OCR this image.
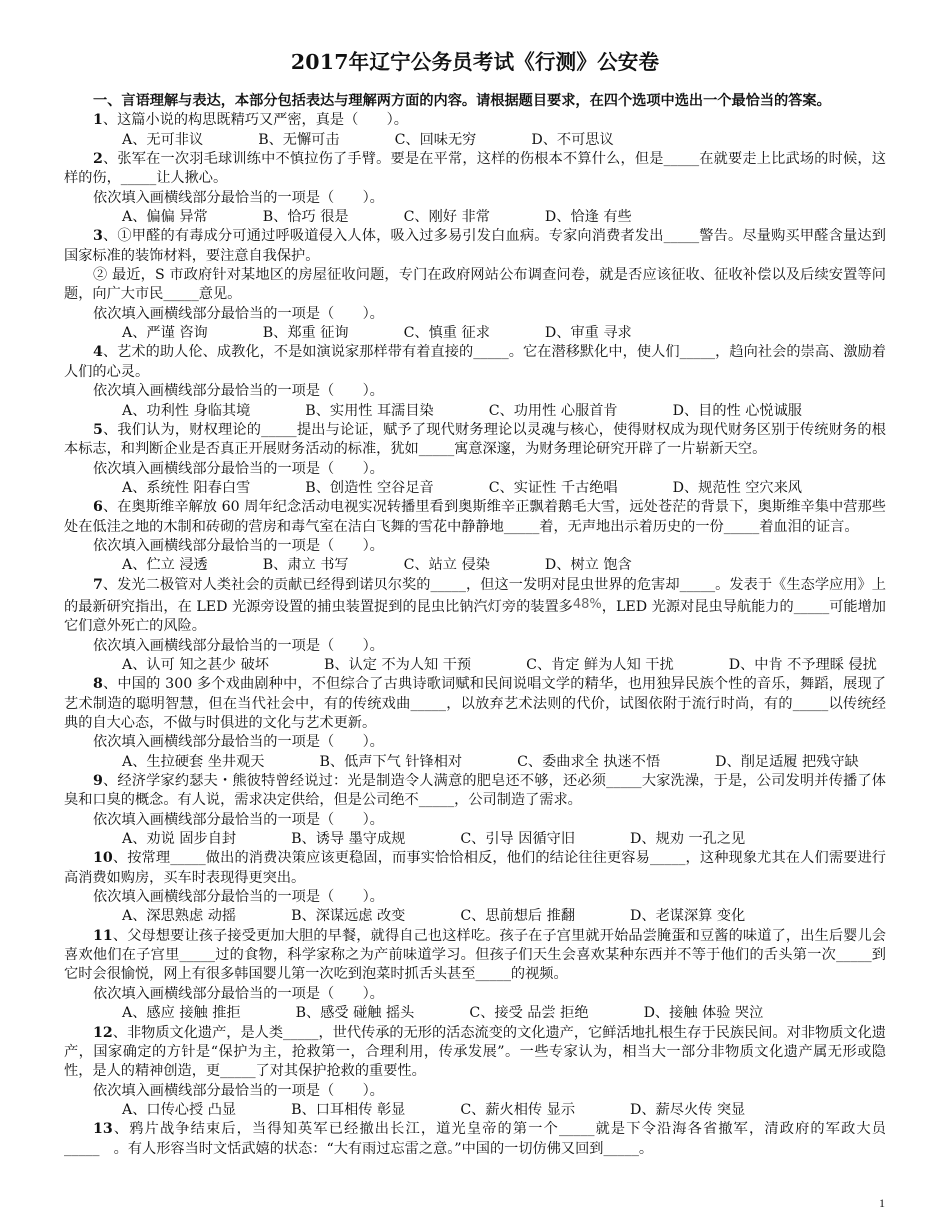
2017年辽宁公务员考试《行测》公安卷

一、言语理解与表达，本部分包括表达与理解两方面的内容。请根据题目要求，在四个选项中选出一个最恰当的答案。

1、这篇小说的构思既精巧又严密，真是（　　）。

A、无可非议	B、无懈可击	C、回味无穷	D、不可思议

2、张军在一次羽毛球训练中不慎拉伤了手臂。要是在平常，这样的伤根本不算什么，但是_____在就要走上比武场的时候，这样的伤，_____让人揪心。

依次填入画横线部分最恰当的一项是（　　）。

A、偏偏 异常	B、恰巧 很是	C、刚好 非常	D、恰逢 有些

3、①甲醛的有毒成分可通过呼吸道侵入人体，吸入过多易引发白血病。专家向消费者发出_____警告。尽量购买甲醛含量达到国家标准的装饰材料，要注意自我保护。

② 最近，S 市政府针对某地区的房屋征收问题，专门在政府网站公布调查问卷，就是否应该征收、征收补偿以及后续安置等问题，向广大市民_____意见。

依次填入画横线部分最恰当的一项是（　　）。

A、严谨 咨询	B、郑重 征询	C、慎重 征求	D、审重 寻求

4、艺术的助人伦、成教化，不是如演说家那样带有着直接的_____。它在潜移默化中，使人们_____，趋向社会的崇高、激励着人们的心灵。

依次填入画横线部分最恰当的一项是（　　）。

A、功利性 身临其境	B、实用性 耳濡目染	C、功用性 心服首肯	D、目的性 心悦诚服

5、我们认为，财权理论的_____提出与论证，赋予了现代财务理论以灵魂与核心，使得财权成为现代财务区别于传统财务的根本标志，和判断企业是否真正开展财务活动的标准，犹如_____寓意深邃，为财务理论研究开辟了一片崭新天空。

依次填入画横线部分最恰当的一项是（　　）。

A、系统性 阳春白雪	B、创造性 空谷足音	C、实证性 千古绝唱	D、规范性 空穴来风

6、在奥斯维辛解放 60 周年纪念活动电视实况转播里看到奥斯维辛正飘着鹅毛大雪，远处苍茫的背景下，奥斯维辛集中营那些处在低洼之地的木制和砖砌的营房和毒气室在洁白飞舞的雪花中静静地_____着，无声地出示着历史的一份_____着血泪的证言。

依次填入画横线部分最恰当的一项是（　　）。

A、伫立 浸透	B、肃立 书写	C、站立 侵染	D、树立 饱含

7、发光二极管对人类社会的贡献已经得到诺贝尔奖的_____，但这一发明对昆虫世界的危害却_____。发表于《生态学应用》上的最新研究指出，在 LED 光源旁设置的捕虫装置捉到的昆虫比钠汽灯旁的装置多48%，LED 光源对昆虫导航能力的_____可能增加它们意外死亡的风险。

依次填入画横线部分最恰当的一项是（　　）。

A、认可 知之甚少 破坏	B、认定 不为人知 干预	C、肯定 鲜为人知 干扰	D、中肯 不予理睬 侵扰

8、中国的 300 多个戏曲剧种中，不但综合了古典诗歌词赋和民间说唱文学的精华，也用独异民族个性的音乐，舞蹈，展现了艺术制造的聪明智慧，但在当代社会中，有的传统戏曲_____，以放弃艺术法则的代价，试图依附于流行时尚，有的_____以传统经典的自大心态，不做与时俱进的文化与艺术更新。

依次填入画横线部分最恰当的一项是（　　）。

A、生拉硬套 坐井观天	B、低声下气 针锋相对	C、委曲求全 执迷不悟	D、削足适履 把残守缺

9、经济学家约瑟夫・熊彼特曾经说过：光是制造令人满意的肥皂还不够，还必须_____大家洗澡，于是，公司发明并传播了体臭和口臭的概念。有人说，需求决定供给，但是公司绝不_____，公司制造了需求。

依次填入画横线部分最恰当的一项是（　　）。

A、劝说 固步自封	B、诱导 墨守成规	C、引导 因循守旧	D、规劝 一孔之见

10、按常理_____做出的消费决策应该更稳固，而事实恰恰相反，他们的结论往往更容易_____，这种现象尤其在人们需要进行高消费如购房，买车时表现得更突出。

依次填入画横线部分最恰当的一项是（　　）。

A、深思熟虑 动摇	B、深谋远虑 改变	C、思前想后 推翻	D、老谋深算 变化

11、父母想要让孩子接受更加大胆的早餐，就得自己也这样吃。孩子在子宫里就开始品尝腌蛋和豆酱的味道了，出生后婴儿会喜欢他们在子宫里_____过的食物，科学家称之为产前味道学习。但孩子们天生会喜欢某种东西并不等于他们的舌头第一次_____到它时会很愉悦，网上有很多韩国婴儿第一次吃到泡菜时抓舌头甚至_____的视频。

依次填入画横线部分最恰当的一项是（　　）。

A、感应 接触 推拒	B、感受 碰触 摇头	C、接受 品尝 拒绝	D、接触 体验 哭泣

12、非物质文化遗产，是人类_____，世代传承的无形的活态流变的文化遗产，它鲜活地扎根生存于民族民间。对非物质文化遗产，国家确定的方针是“保护为主，抢救第一，合理利用，传承发展”。一些专家认为，相当大一部分非物质文化遗产属无形或隐性，是人的精神创造，更_____了对其保护抢救的重要性。

依次填入画横线部分最恰当的一项是（　　）。

A、口传心授 凸显	B、口耳相传 彰显	C、薪火相传 显示	D、薪尽火传 突显

13、鸦片战争结束后，当得知英军已经撤出长江，道光皇帝的第一个_____就是下令沿海各省撤军，清政府的军政大员_____　。有人形容当时文恬武嬉的状态：“大有雨过忘雷之意。”中国的一切仿佛又回到_____。

1
